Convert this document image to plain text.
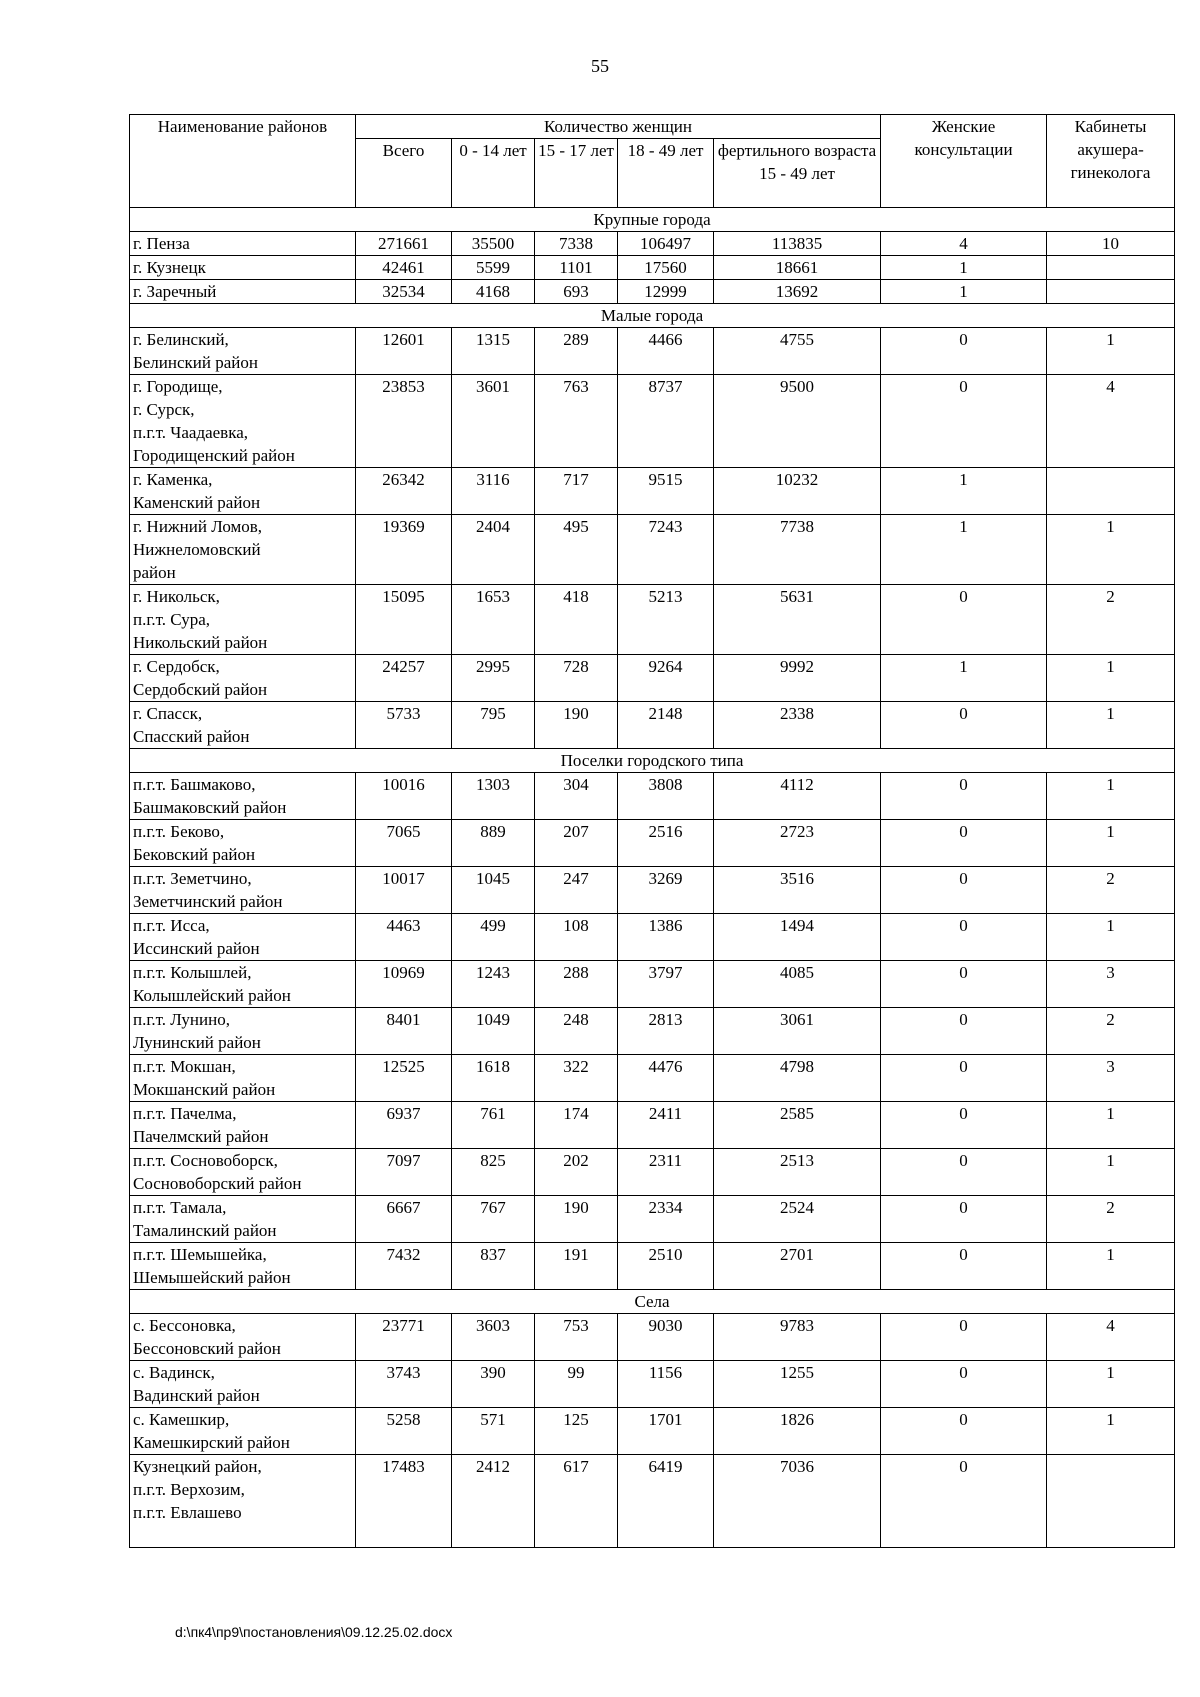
55
Наименование районов	Количество женщин					Женские консультации	Кабинеты акушера-гинеколога
	Всего	0 - 14 лет	15 - 17 лет	18 - 49 лет	фертильного возраста 15 - 49 лет		
Крупные города							
г. Пенза	271661	35500	7338	106497	113835	4	10
г. Кузнецк	42461	5599	1101	17560	18661	1	
г. Заречный	32534	4168	693	12999	13692	1	
Малые города							
г. Белинский,
Белинский район	12601	1315	289	4466	4755	0	1
г. Городище,
г. Сурск,
п.г.т. Чаадаевка,
Городищенский район	23853	3601	763	8737	9500	0	4
г. Каменка,
Каменский район	26342	3116	717	9515	10232	1	
г. Нижний Ломов,
Нижнеломовский
район	19369	2404	495	7243	7738	1	1
г. Никольск,
п.г.т. Сура,
Никольский район	15095	1653	418	5213	5631	0	2
г. Сердобск,
Сердобский район	24257	2995	728	9264	9992	1	1
г. Спасск,
Спасский район	5733	795	190	2148	2338	0	1
Поселки городского типа							
п.г.т. Башмаково,
Башмаковский район	10016	1303	304	3808	4112	0	1
п.г.т. Беково,
Бековский район	7065	889	207	2516	2723	0	1
п.г.т. Земетчино,
Земетчинский район	10017	1045	247	3269	3516	0	2
п.г.т. Исса,
Иссинский район	4463	499	108	1386	1494	0	1
п.г.т. Колышлей,
Колышлейский район	10969	1243	288	3797	4085	0	3
п.г.т. Лунино,
Лунинский район	8401	1049	248	2813	3061	0	2
п.г.т. Мокшан,
Мокшанский район	12525	1618	322	4476	4798	0	3
п.г.т. Пачелма,
Пачелмский район	6937	761	174	2411	2585	0	1
п.г.т. Сосновоборск,
Сосновоборский район	7097	825	202	2311	2513	0	1
п.г.т. Тамала,
Тамалинский район	6667	767	190	2334	2524	0	2
п.г.т. Шемышейка,
Шемышейский район	7432	837	191	2510	2701	0	1
Села							
с. Бессоновка,
Бессоновский район	23771	3603	753	9030	9783	0	4
с. Вадинск,
Вадинский район	3743	390	99	1156	1255	0	1
с. Камешкир,
Камешкирский район	5258	571	125	1701	1826	0	1
Кузнецкий район,
п.г.т. Верхозим,
п.г.т. Евлашево	17483	2412	617	6419	7036	0	
d:\пк4\пр9\постановления\09.12.25.02.docx
